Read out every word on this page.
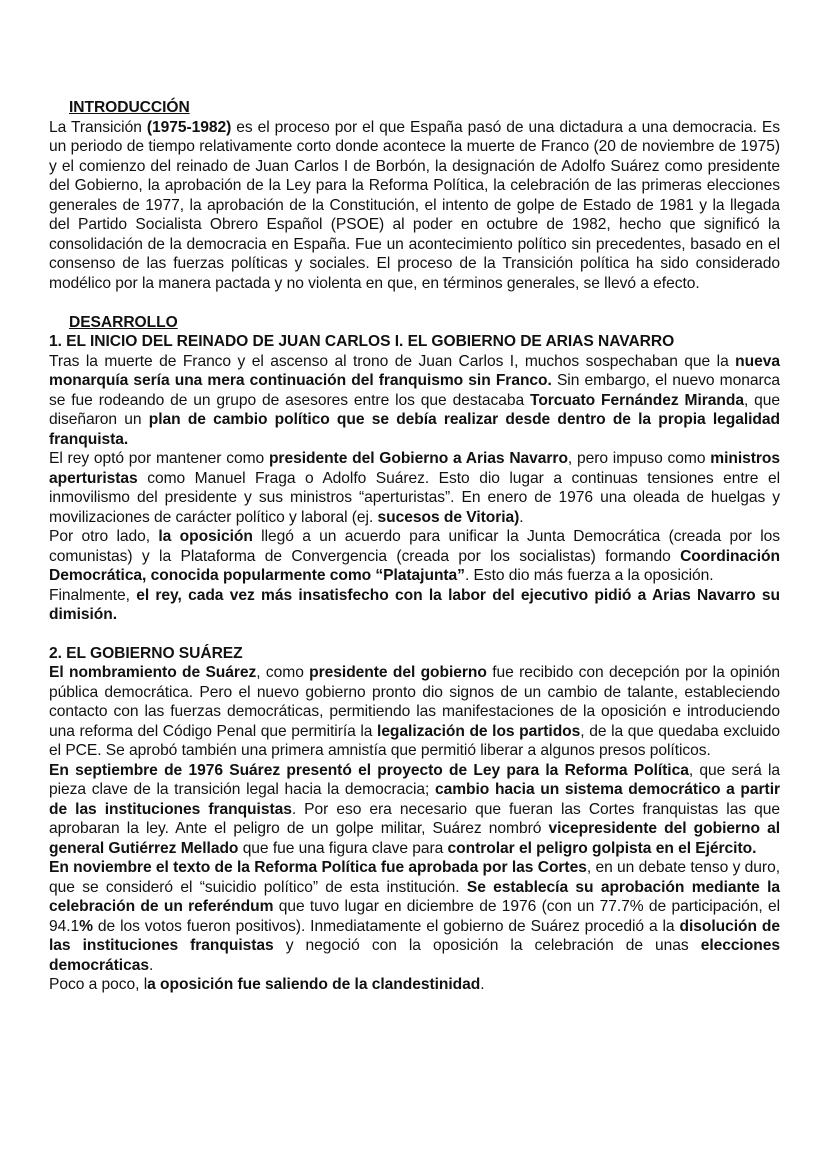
INTRODUCCIÓN

La Transición (1975-1982) es el proceso por el que España pasó de una dictadura a una democracia. Es un periodo de tiempo relativamente corto donde acontece la muerte de Franco (20 de noviembre de 1975) y el comienzo del reinado de Juan Carlos I de Borbón, la designación de Adolfo Suárez como presidente del Gobierno, la aprobación de la Ley para la Reforma Política, la celebración de las primeras elecciones generales de 1977, la aprobación de la Constitución, el intento de golpe de Estado de 1981 y la llegada del Partido Socialista Obrero Español (PSOE) al poder en octubre de 1982, hecho que significó la consolidación de la democracia en España. Fue un acontecimiento político sin precedentes, basado en el consenso de las fuerzas políticas y sociales. El proceso de la Transición política ha sido considerado modélico por la manera pactada y no violenta en que, en términos generales, se llevó a efecto.

DESARROLLO
1. EL INICIO DEL REINADO DE JUAN CARLOS I. EL GOBIERNO DE ARIAS NAVARRO

Tras la muerte de Franco y el ascenso al trono de Juan Carlos I, muchos sospechaban que la nueva monarquía sería una mera continuación del franquismo sin Franco. Sin embargo, el nuevo monarca se fue rodeando de un grupo de asesores entre los que destacaba Torcuato Fernández Miranda, que diseñaron un plan de cambio político que se debía realizar desde dentro de la propia legalidad franquista.

El rey optó por mantener como presidente del Gobierno a Arias Navarro, pero impuso como ministros aperturistas como Manuel Fraga o Adolfo Suárez. Esto dio lugar a continuas tensiones entre el inmovilismo del presidente y sus ministros “aperturistas”. En enero de 1976 una oleada de huelgas y movilizaciones de carácter político y laboral (ej. sucesos de Vitoria).

Por otro lado, la oposición llegó a un acuerdo para unificar la Junta Democrática (creada por los comunistas) y la Plataforma de Convergencia (creada por los socialistas) formando Coordinación Democrática, conocida popularmente como “Platajunta”. Esto dio más fuerza a la oposición.

Finalmente, el rey, cada vez más insatisfecho con la labor del ejecutivo pidió a Arias Navarro su dimisión.

2. EL GOBIERNO SUÁREZ

El nombramiento de Suárez, como presidente del gobierno fue recibido con decepción por la opinión pública democrática. Pero el nuevo gobierno pronto dio signos de un cambio de talante, estableciendo contacto con las fuerzas democráticas, permitiendo las manifestaciones de la oposición e introduciendo una reforma del Código Penal que permitiría la legalización de los partidos, de la que quedaba excluido el PCE. Se aprobó también una primera amnistía que permitió liberar a algunos presos políticos.

En septiembre de 1976 Suárez presentó el proyecto de Ley para la Reforma Política, que será la pieza clave de la transición legal hacia la democracia; cambio hacia un sistema democrático a partir de las instituciones franquistas. Por eso era necesario que fueran las Cortes franquistas las que aprobaran la ley. Ante el peligro de un golpe militar, Suárez nombró vicepresidente del gobierno al general Gutiérrez Mellado que fue una figura clave para controlar el peligro golpista en el Ejército.

En noviembre el texto de la Reforma Política fue aprobada por las Cortes, en un debate tenso y duro, que se consideró el “suicidio político” de esta institución. Se establecía su aprobación mediante la celebración de un referéndum que tuvo lugar en diciembre de 1976 (con un 77.7% de participación, el 94.1% de los votos fueron positivos). Inmediatamente el gobierno de Suárez procedió a la disolución de las instituciones franquistas y negoció con la oposición la celebración de unas elecciones democráticas.

Poco a poco, la oposición fue saliendo de la clandestinidad.
